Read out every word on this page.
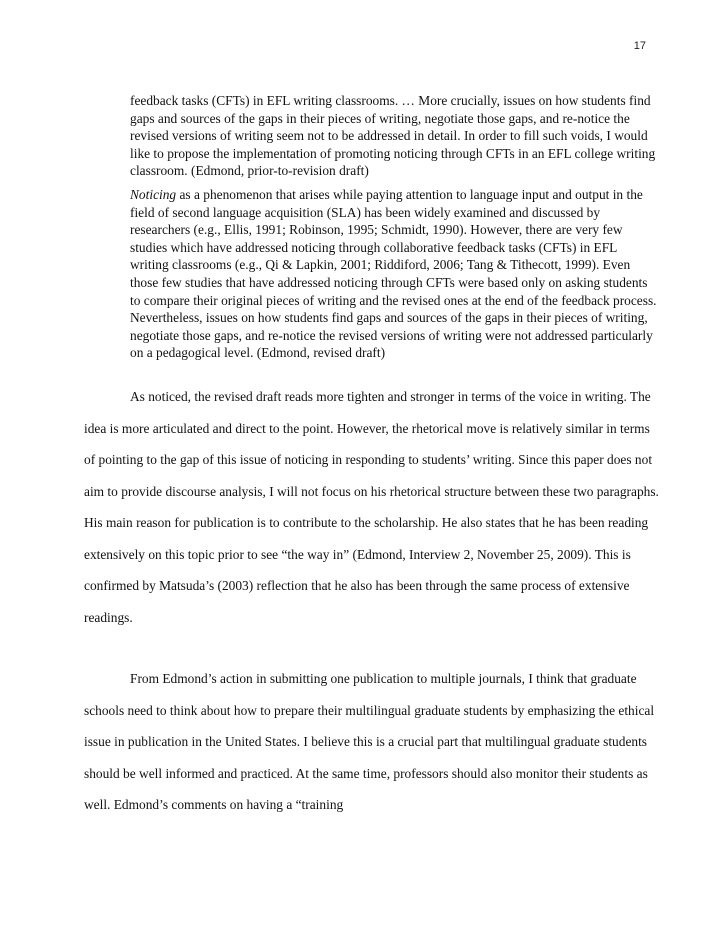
17

feedback tasks (CFTs) in EFL writing classrooms. … More crucially, issues on how students find gaps and sources of the gaps in their pieces of writing, negotiate those gaps, and re-notice the revised versions of writing seem not to be addressed in detail. In order to fill such voids, I would like to propose the implementation of promoting noticing through CFTs in an EFL college writing classroom. (Edmond, prior-to-revision draft)

Noticing as a phenomenon that arises while paying attention to language input and output in the field of second language acquisition (SLA) has been widely examined and discussed by researchers (e.g., Ellis, 1991; Robinson, 1995; Schmidt, 1990). However, there are very few studies which have addressed noticing through collaborative feedback tasks (CFTs) in EFL writing classrooms (e.g., Qi & Lapkin, 2001; Riddiford, 2006; Tang & Tithecott, 1999). Even those few studies that have addressed noticing through CFTs were based only on asking students to compare their original pieces of writing and the revised ones at the end of the feedback process. Nevertheless, issues on how students find gaps and sources of the gaps in their pieces of writing, negotiate those gaps, and re-notice the revised versions of writing were not addressed particularly on a pedagogical level. (Edmond, revised draft)

As noticed, the revised draft reads more tighten and stronger in terms of the voice in writing. The idea is more articulated and direct to the point. However, the rhetorical move is relatively similar in terms of pointing to the gap of this issue of noticing in responding to students’ writing. Since this paper does not aim to provide discourse analysis, I will not focus on his rhetorical structure between these two paragraphs. His main reason for publication is to contribute to the scholarship. He also states that he has been reading extensively on this topic prior to see “the way in” (Edmond, Interview 2, November 25, 2009). This is confirmed by Matsuda’s (2003) reflection that he also has been through the same process of extensive readings.

From Edmond’s action in submitting one publication to multiple journals, I think that graduate schools need to think about how to prepare their multilingual graduate students by emphasizing the ethical issue in publication in the United States. I believe this is a crucial part that multilingual graduate students should be well informed and practiced. At the same time, professors should also monitor their students as well. Edmond’s comments on having a “training
